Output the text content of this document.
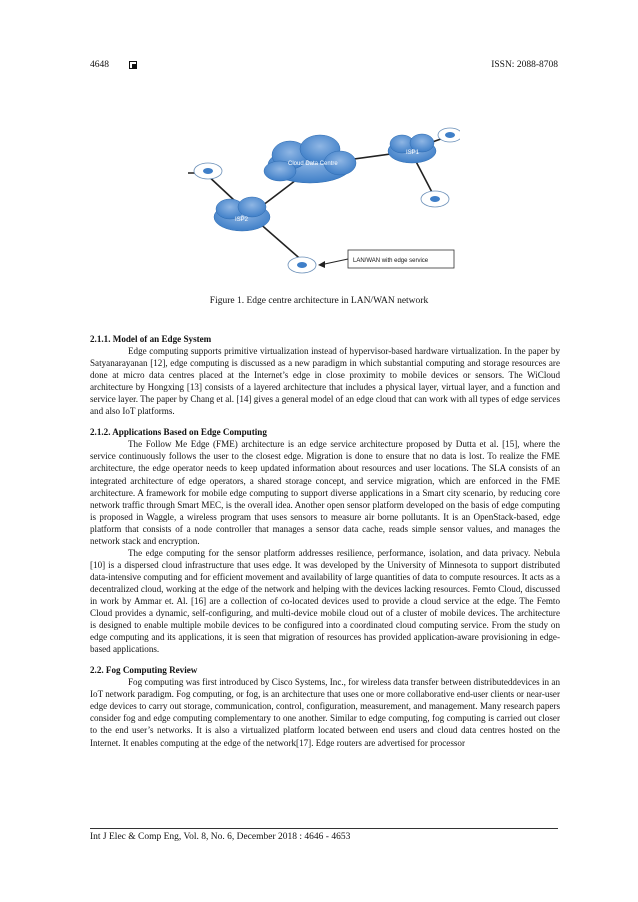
4648	ISSN: 2088-8708
Cloud Data Centre
ISP1
ISP2
LAN/WAN with edge service
Figure 1. Edge centre architecture in LAN/WAN network
2.1.1. Model of an Edge System

Edge computing supports primitive virtualization instead of hypervisor-based hardware virtualization. In the paper by Satyanarayanan [12], edge computing is discussed as a new paradigm in which substantial computing and storage resources are done at micro data centres placed at the Internet’s edge in close proximity to mobile devices or sensors. The WiCloud architecture by Hongxing [13] consists of a layered architecture that includes a physical layer, virtual layer, and a function and service layer. The paper by Chang et al. [14] gives a general model of an edge cloud that can work with all types of edge services and also IoT platforms.

2.1.2. Applications Based on Edge Computing

The Follow Me Edge (FME) architecture is an edge service architecture proposed by Dutta et al. [15], where the service continuously follows the user to the closest edge. Migration is done to ensure that no data is lost. To realize the FME architecture, the edge operator needs to keep updated information about resources and user locations. The SLA consists of an integrated architecture of edge operators, a shared storage concept, and service migration, which are enforced in the FME architecture. A framework for mobile edge computing to support diverse applications in a Smart city scenario, by reducing core network traffic through Smart MEC, is the overall idea. Another open sensor platform developed on the basis of edge computing is proposed in Waggle, a wireless program that uses sensors to measure air borne pollutants. It is an OpenStack-based, edge platform that consists of a node controller that manages a sensor data cache, reads simple sensor values, and manages the network stack and encryption.

The edge computing for the sensor platform addresses resilience, performance, isolation, and data privacy. Nebula [10] is a dispersed cloud infrastructure that uses edge. It was developed by the University of Minnesota to support distributed data-intensive computing and for efficient movement and availability of large quantities of data to compute resources. It acts as a decentralized cloud, working at the edge of the network and helping with the devices lacking resources. Femto Cloud, discussed in work by Ammar et. Al. [16] are a collection of co-located devices used to provide a cloud service at the edge. The Femto Cloud provides a dynamic, self-configuring, and multi-device mobile cloud out of a cluster of mobile devices. The architecture is designed to enable multiple mobile devices to be configured into a coordinated cloud computing service. From the study on edge computing and its applications, it is seen that migration of resources has provided application-aware provisioning in edge-based applications.

2.2. Fog Computing Review

Fog computing was first introduced by Cisco Systems, Inc., for wireless data transfer between distributeddevices in an IoT network paradigm. Fog computing, or fog, is an architecture that uses one or more collaborative end-user clients or near-user edge devices to carry out storage, communication, control, configuration, measurement, and management. Many research papers consider fog and edge computing complementary to one another. Similar to edge computing, fog computing is carried out closer to the end user’s networks. It is also a virtualized platform located between end users and cloud data centres hosted on the Internet. It enables computing at the edge of the network[17]. Edge routers are advertised for processor

Int J Elec & Comp Eng, Vol. 8, No. 6, December 2018 : 4646 - 4653
